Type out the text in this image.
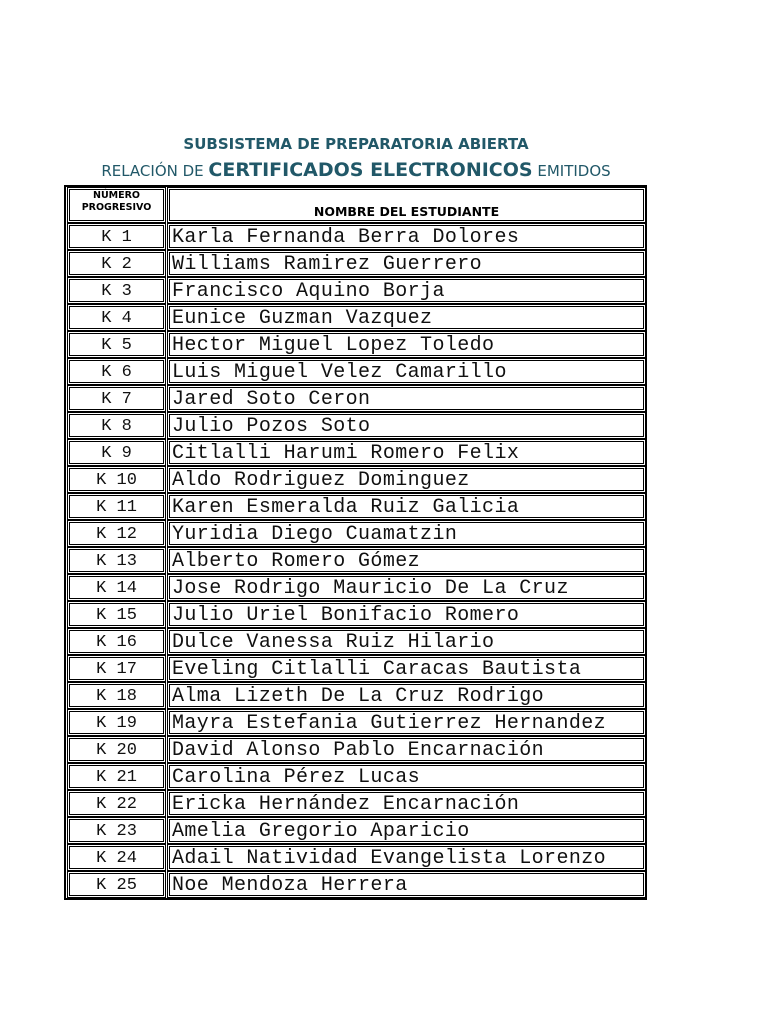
SUBSISTEMA DE PREPARATORIA ABIERTA
RELACIÓN DE CERTIFICADOS ELECTRONICOS EMITIDOS
NÚMERO
PROGRESIVO	NOMBRE DEL ESTUDIANTE
K 1	Karla Fernanda Berra Dolores
K 2	Williams Ramirez Guerrero
K 3	Francisco Aquino Borja
K 4	Eunice Guzman Vazquez
K 5	Hector Miguel Lopez Toledo
K 6	Luis Miguel Velez Camarillo
K 7	Jared Soto Ceron
K 8	Julio Pozos Soto
K 9	Citlalli Harumi Romero Felix
K 10	Aldo Rodriguez Dominguez
K 11	Karen Esmeralda Ruiz Galicia
K 12	Yuridia Diego Cuamatzin
K 13	Alberto Romero Gómez
K 14	Jose Rodrigo Mauricio De La Cruz
K 15	Julio Uriel Bonifacio Romero
K 16	Dulce Vanessa Ruiz Hilario
K 17	Eveling Citlalli Caracas Bautista
K 18	Alma Lizeth De La Cruz Rodrigo
K 19	Mayra Estefania Gutierrez Hernandez
K 20	David Alonso Pablo Encarnación
K 21	Carolina Pérez Lucas
K 22	Ericka Hernández Encarnación
K 23	Amelia Gregorio Aparicio
K 24	Adail Natividad Evangelista Lorenzo
K 25	Noe Mendoza Herrera
